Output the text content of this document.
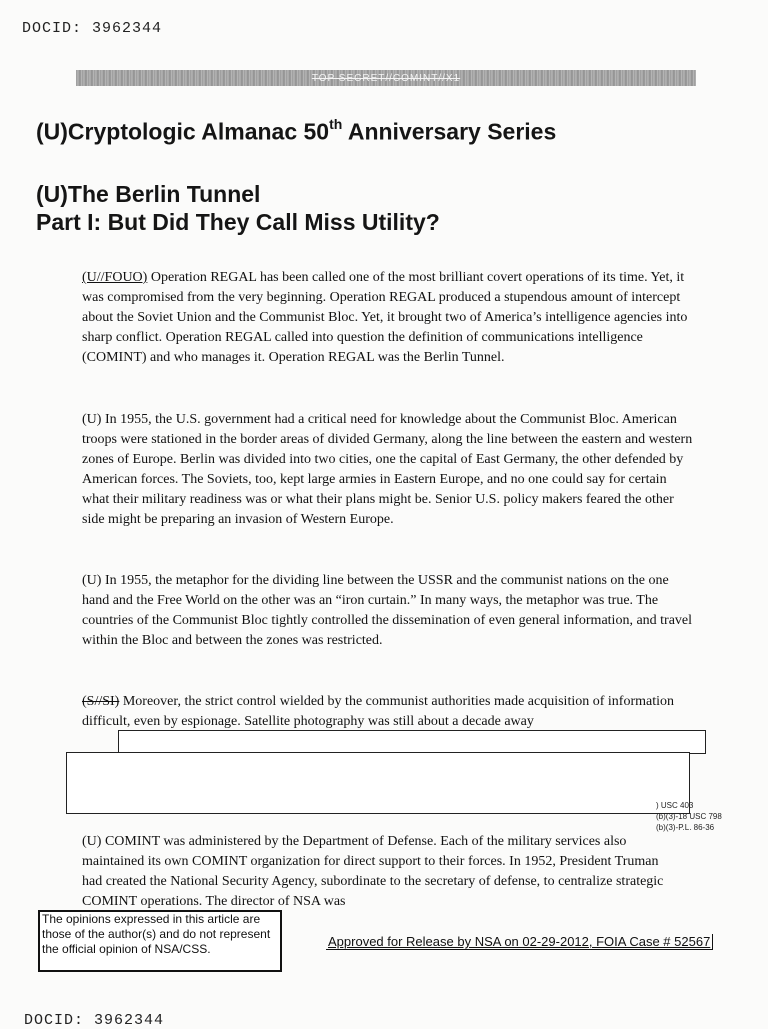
DOCID: 3962344
TOP SECRET//COMINT//X1
(U)Cryptologic Almanac 50th Anniversary Series
(U)The Berlin Tunnel
Part I: But Did They Call Miss Utility?
(U//FOUO) Operation REGAL has been called one of the most brilliant covert operations of its time. Yet, it was compromised from the very beginning. Operation REGAL produced a stupendous amount of intercept about the Soviet Union and the Communist Bloc. Yet, it brought two of America’s intelligence agencies into sharp conflict. Operation REGAL called into question the definition of communications intelligence (COMINT) and who manages it. Operation REGAL was the Berlin Tunnel.
(U) In 1955, the U.S. government had a critical need for knowledge about the Communist Bloc. American troops were stationed in the border areas of divided Germany, along the line between the eastern and western zones of Europe. Berlin was divided into two cities, one the capital of East Germany, the other defended by American forces. The Soviets, too, kept large armies in Eastern Europe, and no one could say for certain what their military readiness was or what their plans might be. Senior U.S. policy makers feared the other side might be preparing an invasion of Western Europe.
(U) In 1955, the metaphor for the dividing line between the USSR and the communist nations on the one hand and the Free World on the other was an “iron curtain.” In many ways, the metaphor was true. The countries of the Communist Bloc tightly controlled the dissemination of even general information, and travel within the Bloc and between the zones was restricted.
(S//SI) Moreover, the strict control wielded by the communist authorities made acquisition of information difficult, even by espionage. Satellite photography was still about a decade away
) USC 403
(b)(3)-18 USC 798
(b)(3)-P.L. 86-36
(U) COMINT was administered by the Department of Defense. Each of the military services also maintained its own COMINT organization for direct support to their forces. In 1952, President Truman had created the National Security Agency, subordinate to the secretary of defense, to centralize strategic COMINT operations. The director of NSA was
The opinions expressed in this article are those of the author(s) and do not represent the official opinion of NSA/CSS.	Approved for Release by NSA on 02-29-2012, FOIA Case # 52567
DOCID: 3962344
